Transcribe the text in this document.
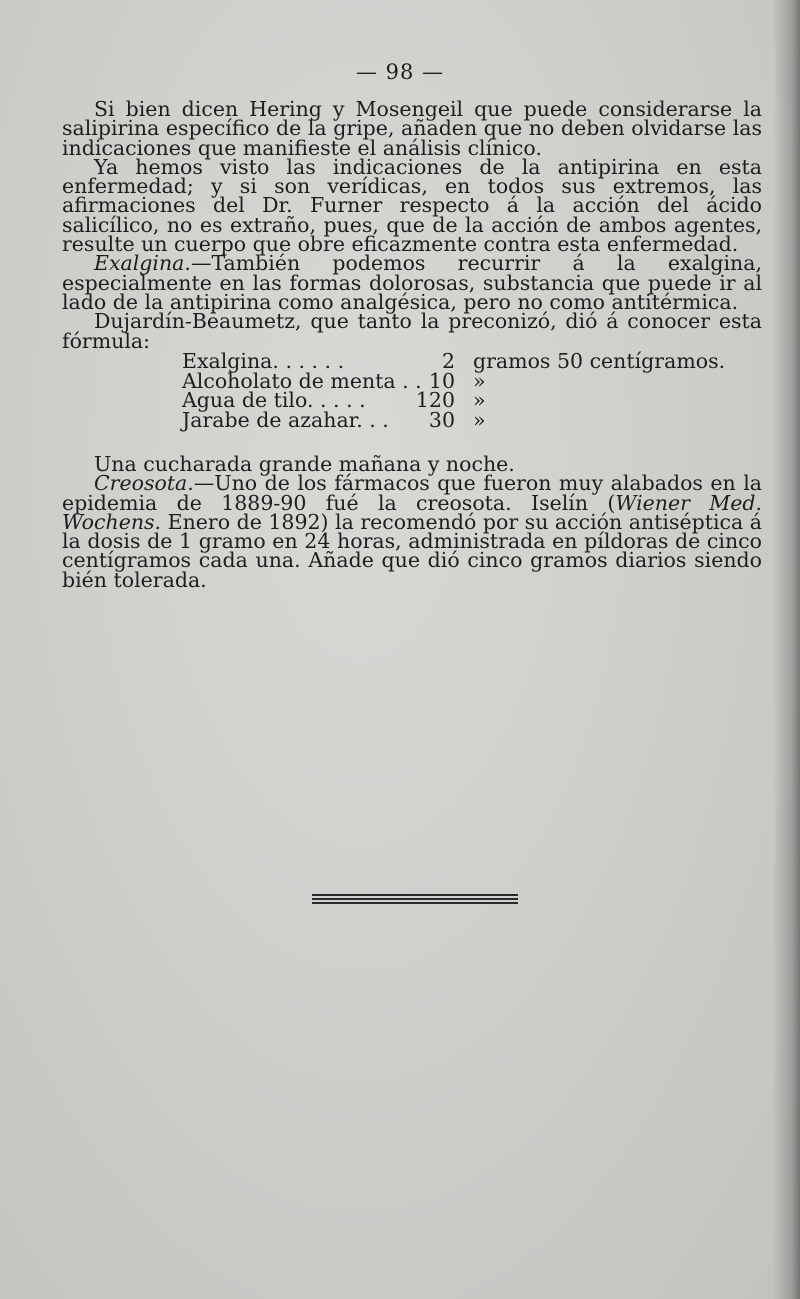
— 98 —

Si bien dicen Hering y Mosengeil que puede considerarse la salipirina específico de la gripe, añaden que no deben olvidarse las indicaciones que manifieste el análisis clínico.

Ya hemos visto las indicaciones de la antipirina en esta enfermedad; y si son verídicas, en todos sus extremos, las afirmaciones del Dr. Furner respecto á la acción del ácido salicílico, no es extraño, pues, que de la acción de ambos agentes, resulte un cuerpo que obre eficazmente contra esta enfermedad.

Exalgina.—También podemos recurrir á la exalgina, especialmente en las formas dolorosas, substancia que puede ir al lado de la antipirina como analgésica, pero no como antitérmica.

Dujardín-Beaumetz, que tanto la preconizó, dió á conocer esta fórmula:

Exalgina. . . . . .	2 gramos 50 centígramos.
Alcoholato de menta . . 10 »
Agua de tilo. . . . .	120 »
Jarabe de azahar. . .	30 »

Una cucharada grande mañana y noche.

Creosota.—Uno de los fármacos que fueron muy alabados en la epidemia de 1889-90 fué la creosota. Iselín (Wiener Med. Wochens. Enero de 1892) la recomendó por su acción antiséptica á la dosis de 1 gramo en 24 horas, administrada en píldoras de cinco centígramos cada una. Añade que dió cinco gramos diarios siendo bién tolerada.
